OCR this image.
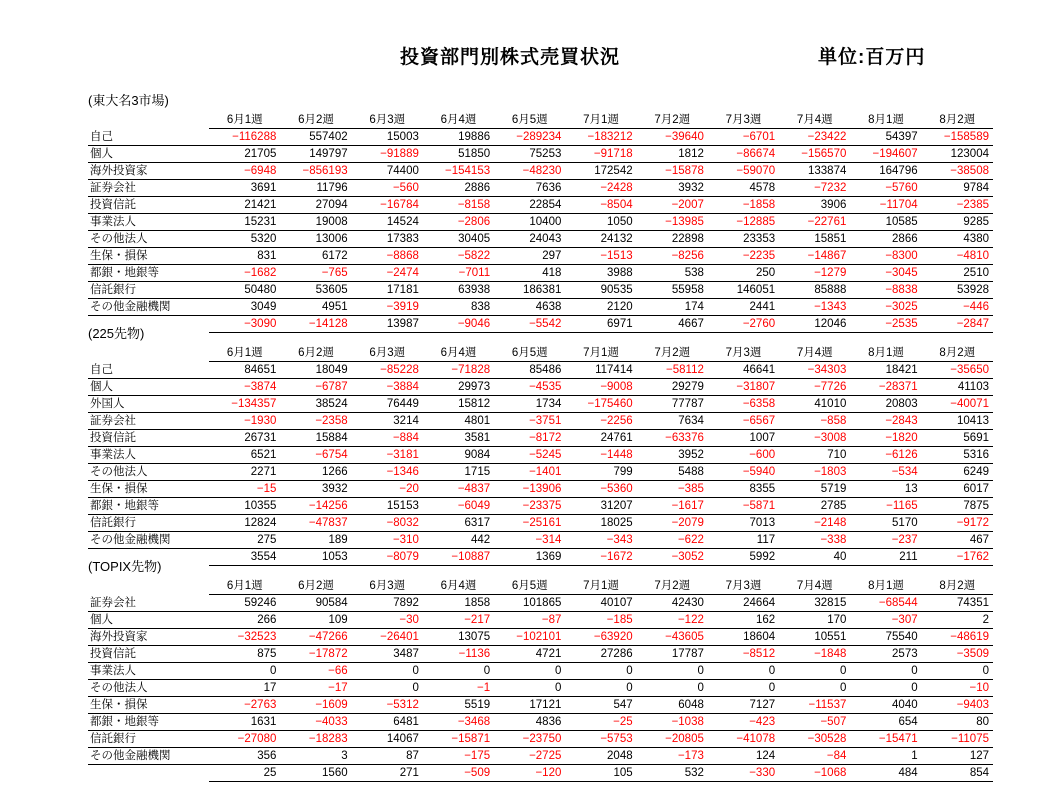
投資部門別株式売買状況	単位:百万円
(東大名3市場)
	6月1週	6月2週	6月3週	6月4週	6月5週	7月1週	7月2週	7月3週	7月4週	8月1週	8月2週
自己	−116288	557402	15003	19886	−289234	−183212	−39640	−6701	−23422	54397	−158589
個人	21705	149797	−91889	51850	75253	−91718	1812	−86674	−156570	−194607	123004
海外投資家	−6948	−856193	74400	−154153	−48230	172542	−15878	−59070	133874	164796	−38508
証券会社	3691	11796	−560	2886	7636	−2428	3932	4578	−7232	−5760	9784
投資信託	21421	27094	−16784	−8158	22854	−8504	−2007	−1858	3906	−11704	−2385
事業法人	15231	19008	14524	−2806	10400	1050	−13985	−12885	−22761	10585	9285
その他法人	5320	13006	17383	30405	24043	24132	22898	23353	15851	2866	4380
生保・損保	831	6172	−8868	−5822	297	−1513	−8256	−2235	−14867	−8300	−4810
都銀・地銀等	−1682	−765	−2474	−7011	418	3988	538	250	−1279	−3045	2510
信託銀行	50480	53605	17181	63938	186381	90535	55958	146051	85888	−8838	53928
その他金融機関	3049	4951	−3919	838	4638	2120	174	2441	−1343	−3025	−446
	−3090	−14128	13987	−9046	−5542	6971	4667	−2760	12046	−2535	−2847
(225先物)
	6月1週	6月2週	6月3週	6月4週	6月5週	7月1週	7月2週	7月3週	7月4週	8月1週	8月2週
自己	84651	18049	−85228	−71828	85486	117414	−58112	46641	−34303	18421	−35650
個人	−3874	−6787	−3884	29973	−4535	−9008	29279	−31807	−7726	−28371	41103
外国人	−134357	38524	76449	15812	1734	−175460	77787	−6358	41010	20803	−40071
証券会社	−1930	−2358	3214	4801	−3751	−2256	7634	−6567	−858	−2843	10413
投資信託	26731	15884	−884	3581	−8172	24761	−63376	1007	−3008	−1820	5691
事業法人	6521	−6754	−3181	9084	−5245	−1448	3952	−600	710	−6126	5316
その他法人	2271	1266	−1346	1715	−1401	799	5488	−5940	−1803	−534	6249
生保・損保	−15	3932	−20	−4837	−13906	−5360	−385	8355	5719	13	6017
都銀・地銀等	10355	−14256	15153	−6049	−23375	31207	−1617	−5871	2785	−1165	7875
信託銀行	12824	−47837	−8032	6317	−25161	18025	−2079	7013	−2148	5170	−9172
その他金融機関	275	189	−310	442	−314	−343	−622	117	−338	−237	467
	3554	1053	−8079	−10887	1369	−1672	−3052	5992	40	211	−1762
(TOPIX先物)
	6月1週	6月2週	6月3週	6月4週	6月5週	7月1週	7月2週	7月3週	7月4週	8月1週	8月2週
証券会社	59246	90584	7892	1858	101865	40107	42430	24664	32815	−68544	74351
個人	266	109	−30	−217	−87	−185	−122	162	170	−307	2
海外投資家	−32523	−47266	−26401	13075	−102101	−63920	−43605	18604	10551	75540	−48619
投資信託	875	−17872	3487	−1136	4721	27286	17787	−8512	−1848	2573	−3509
事業法人	0	−66	0	0	0	0	0	0	0	0	0
その他法人	17	−17	0	−1	0	0	0	0	0	0	−10
生保・損保	−2763	−1609	−5312	5519	17121	547	6048	7127	−11537	4040	−9403
都銀・地銀等	1631	−4033	6481	−3468	4836	−25	−1038	−423	−507	654	80
信託銀行	−27080	−18283	14067	−15871	−23750	−5753	−20805	−41078	−30528	−15471	−11075
その他金融機関	356	3	87	−175	−2725	2048	−173	124	−84	1	127
	25	1560	271	−509	−120	105	532	−330	−1068	484	854
